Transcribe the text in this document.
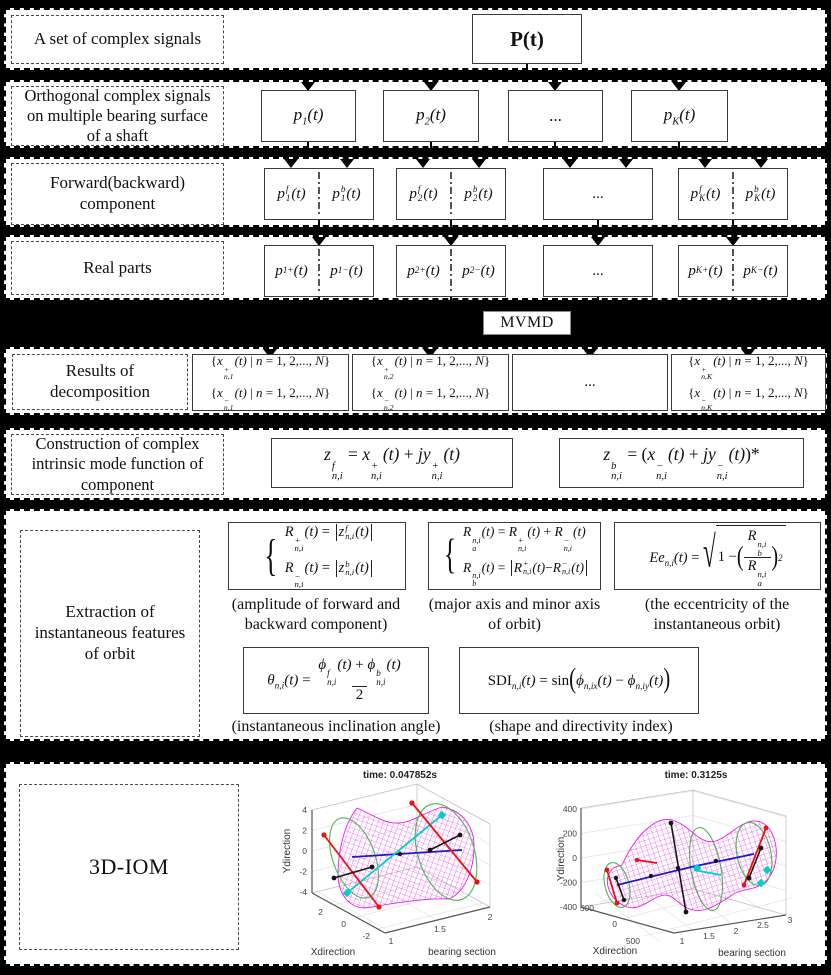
A set of complex signals	P(t)
Orthogonal complex signals on multiple bearing surface of a shaft
$p_1(t)$	$p_2(t)$	...	$p_K(t)$
Forward(backward) component
p f
1 (t) p b
1 (t)	p f
2 (t) p b
2 (t)	...	p f
K (t) p b
K (t)
Real parts	p 1+ (t) p 1− (t)	p 2+ (t) p 2− (t)	...	p K+ (t) p K− (t)
MVMD
Results of decomposition
{x
+
n,1
(t) | n = 1, 2,..., N}
{x
−
n,1
(t) | n = 1, 2,..., N}
{x
+
n,2
(t) | n = 1, 2,..., N}
{x
−
n,2
(t) | n = 1, 2,..., N}
...
{x
+
n,K
(t) | n = 1, 2,..., N}
{x
−
n,K
(t) | n = 1, 2,..., N}
Construction of complex intrinsic mode function of component
z
f
n,i
= x
+
n,i
(t) + jy
+
n,i
(t)	z
b
n,i
= (x
−
n,i
(t) + jy
−
n,i
(t))*
Extraction of instantaneous features of orbit
{ R
+
n,i
(t) = z f
n,i (t)
R
−
n,i
(t) = z b
n,i (t) {
R
n,i
a
(t) = R
+
n,i
(t) + R
−
n,i
(t)
R
n,i
b
(t) = R +
n,i (t) − R −
n,i (t)
$Ee_{n,i}(t)$ = √ 1 − ( R
n,i
b
R
n,i
a ) 2
(amplitude of forward and backward component)
(major axis and minor axis of orbit)
(the eccentricity of the instantaneous orbit)
$\theta_{n,i}(t) = \phi$
f
n,i
(t) + ϕ
b
n,i
(t)
2	$SDI_{n,i}(t) = \sin(\phi_{n,ix}(t) - \phi_{n,iy}(t))$
(instantaneous inclination angle)	(shape and directivity index)
3D-IOM
4
2
0
-2
-4
2
0
-2 1
1.5
2
Xdirection	bearing section
Ydirection
time: 0.047852s
400
200
0
-200
-400 500
0
500	1 1.5 2
2.5 3
Xdirection	bearing section
Ydirection
time: 0.3125s
